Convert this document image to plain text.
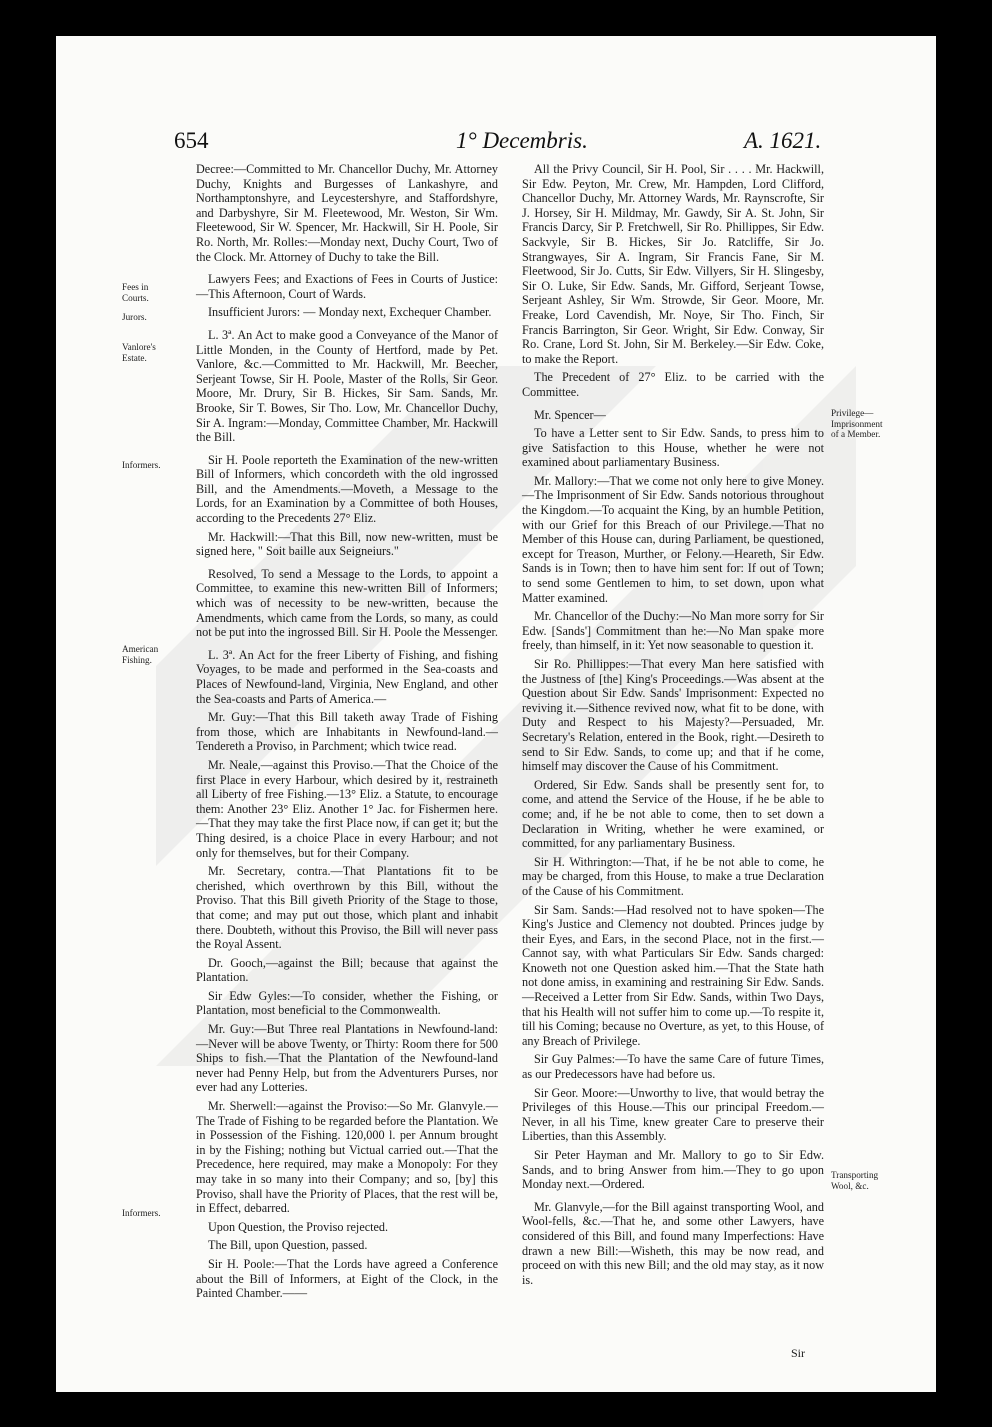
654	1° Decembris.	A. 1621.
Fees in Courts.
Jurors.
Vanlore's Estate.
Informers.
American Fishing.
Informers.
Privilege—Imprisonment of a Member.
Transporting Wool, &c.

Decree:—Committed to Mr. Chancellor Duchy, Mr. Attorney Duchy, Knights and Burgesses of Lankashyre, and Northamptonshyre, and Leycestershyre, and Staffordshyre, and Darbyshyre, Sir M. Fleetewood, Mr. Weston, Sir Wm. Fleetewood, Sir W. Spencer, Mr. Hackwill, Sir H. Poole, Sir Ro. North, Mr. Rolles:—Monday next, Duchy Court, Two of the Clock. Mr. Attorney of Duchy to take the Bill.

Lawyers Fees; and Exactions of Fees in Courts of Justice:—This Afternoon, Court of Wards.

Insufficient Jurors: — Monday next, Exchequer Chamber.

L. 3ª. An Act to make good a Conveyance of the Manor of Little Monden, in the County of Hertford, made by Pet. Vanlore, &c.—Committed to Mr. Hackwill, Mr. Beecher, Serjeant Towse, Sir H. Poole, Master of the Rolls, Sir Geor. Moore, Mr. Drury, Sir B. Hickes, Sir Sam. Sands, Mr. Brooke, Sir T. Bowes, Sir Tho. Low, Mr. Chancellor Duchy, Sir A. Ingram:—Monday, Committee Chamber, Mr. Hackwill the Bill.

Sir H. Poole reporteth the Examination of the new-written Bill of Informers, which concordeth with the old ingrossed Bill, and the Amendments.—Moveth, a Message to the Lords, for an Examination by a Committee of both Houses, according to the Precedents 27° Eliz.

Mr. Hackwill:—That this Bill, now new-written, must be signed here, " Soit baille aux Seigneiurs."

Resolved, To send a Message to the Lords, to appoint a Committee, to examine this new-written Bill of Informers; which was of necessity to be new-written, because the Amendments, which came from the Lords, so many, as could not be put into the ingrossed Bill. Sir H. Poole the Messenger.

L. 3ª. An Act for the freer Liberty of Fishing, and fishing Voyages, to be made and performed in the Sea-coasts and Places of Newfound-land, Virginia, New England, and other the Sea-coasts and Parts of America.—

Mr. Guy:—That this Bill taketh away Trade of Fishing from those, which are Inhabitants in Newfound-land.—Tendereth a Proviso, in Parchment; which twice read.

Mr. Neale,—against this Proviso.—That the Choice of the first Place in every Harbour, which desired by it, restraineth all Liberty of free Fishing.—13° Eliz. a Statute, to encourage them: Another 23° Eliz. Another 1° Jac. for Fishermen here.—That they may take the first Place now, if can get it; but the Thing desired, is a choice Place in every Harbour; and not only for themselves, but for their Company.

Mr. Secretary, contra.—That Plantations fit to be cherished, which overthrown by this Bill, without the Proviso. That this Bill giveth Priority of the Stage to those, that come; and may put out those, which plant and inhabit there. Doubteth, without this Proviso, the Bill will never pass the Royal Assent.

Dr. Gooch,—against the Bill; because that against the Plantation.

Sir Edw Gyles:—To consider, whether the Fishing, or Plantation, most beneficial to the Commonwealth.

Mr. Guy:—But Three real Plantations in Newfound-land:—Never will be above Twenty, or Thirty: Room there for 500 Ships to fish.—That the Plantation of the Newfound-land never had Penny Help, but from the Adventurers Purses, nor ever had any Lotteries.

Mr. Sherwell:—against the Proviso:—So Mr. Glanvyle.—The Trade of Fishing to be regarded before the Plantation. We in Possession of the Fishing. 120,000 l. per Annum brought in by the Fishing; nothing but Victual carried out.—That the Precedence, here required, may make a Monopoly: For they may take in so many into their Company; and so, [by] this Proviso, shall have the Priority of Places, that the rest will be, in Effect, debarred.

Upon Question, the Proviso rejected.

The Bill, upon Question, passed.

Sir H. Poole:—That the Lords have agreed a Conference about the Bill of Informers, at Eight of the Clock, in the Painted Chamber.——

All the Privy Council, Sir H. Pool, Sir . . . . Mr. Hackwill, Sir Edw. Peyton, Mr. Crew, Mr. Hampden, Lord Clifford, Chancellor Duchy, Mr. Attorney Wards, Mr. Raynscrofte, Sir J. Horsey, Sir H. Mildmay, Mr. Gawdy, Sir A. St. John, Sir Francis Darcy, Sir P. Fretchwell, Sir Ro. Phillippes, Sir Edw. Sackvyle, Sir B. Hickes, Sir Jo. Ratcliffe, Sir Jo. Strangwayes, Sir A. Ingram, Sir Francis Fane, Sir M. Fleetwood, Sir Jo. Cutts, Sir Edw. Villyers, Sir H. Slingesby, Sir O. Luke, Sir Edw. Sands, Mr. Gifford, Serjeant Towse, Serjeant Ashley, Sir Wm. Strowde, Sir Geor. Moore, Mr. Freake, Lord Cavendish, Mr. Noye, Sir Tho. Finch, Sir Francis Barrington, Sir Geor. Wright, Sir Edw. Conway, Sir Ro. Crane, Lord St. John, Sir M. Berkeley.—Sir Edw. Coke, to make the Report.

The Precedent of 27° Eliz. to be carried with the Committee.

Mr. Spencer—

To have a Letter sent to Sir Edw. Sands, to press him to give Satisfaction to this House, whether he were not examined about parliamentary Business.

Mr. Mallory:—That we come not only here to give Money.—The Imprisonment of Sir Edw. Sands notorious throughout the Kingdom.—To acquaint the King, by an humble Petition, with our Grief for this Breach of our Privilege.—That no Member of this House can, during Parliament, be questioned, except for Treason, Murther, or Felony.—Heareth, Sir Edw. Sands is in Town; then to have him sent for: If out of Town; to send some Gentlemen to him, to set down, upon what Matter examined.

Mr. Chancellor of the Duchy:—No Man more sorry for Sir Edw. [Sands'] Commitment than he:—No Man spake more freely, than himself, in it: Yet now seasonable to question it.

Sir Ro. Phillippes:—That every Man here satisfied with the Justness of [the] King's Proceedings.—Was absent at the Question about Sir Edw. Sands' Imprisonment: Expected no reviving it.—Sithence revived now, what fit to be done, with Duty and Respect to his Majesty?—Persuaded, Mr. Secretary's Relation, entered in the Book, right.—Desireth to send to Sir Edw. Sands, to come up; and that if he come, himself may discover the Cause of his Commitment.

Ordered, Sir Edw. Sands shall be presently sent for, to come, and attend the Service of the House, if he be able to come; and, if he be not able to come, then to set down a Declaration in Writing, whether he were examined, or committed, for any parliamentary Business.

Sir H. Withrington:—That, if he be not able to come, he may be charged, from this House, to make a true Declaration of the Cause of his Commitment.

Sir Sam. Sands:—Had resolved not to have spoken—The King's Justice and Clemency not doubted. Princes judge by their Eyes, and Ears, in the second Place, not in the first.—Cannot say, with what Particulars Sir Edw. Sands charged: Knoweth not one Question asked him.—That the State hath not done amiss, in examining and restraining Sir Edw. Sands.—Received a Letter from Sir Edw. Sands, within Two Days, that his Health will not suffer him to come up.—To respite it, till his Coming; because no Overture, as yet, to this House, of any Breach of Privilege.

Sir Guy Palmes:—To have the same Care of future Times, as our Predecessors have had before us.

Sir Geor. Moore:—Unworthy to live, that would betray the Privileges of this House.—This our principal Freedom.—Never, in all his Time, knew greater Care to preserve their Liberties, than this Assembly.

Sir Peter Hayman and Mr. Mallory to go to Sir Edw. Sands, and to bring Answer from him.—They to go upon Monday next.—Ordered.

Mr. Glanvyle,—for the Bill against transporting Wool, and Wool-fells, &c.—That he, and some other Lawyers, have considered of this Bill, and found many Imperfections: Have drawn a new Bill:—Wisheth, this may be now read, and proceed on with this new Bill; and the old may stay, as it now is.

Sir
